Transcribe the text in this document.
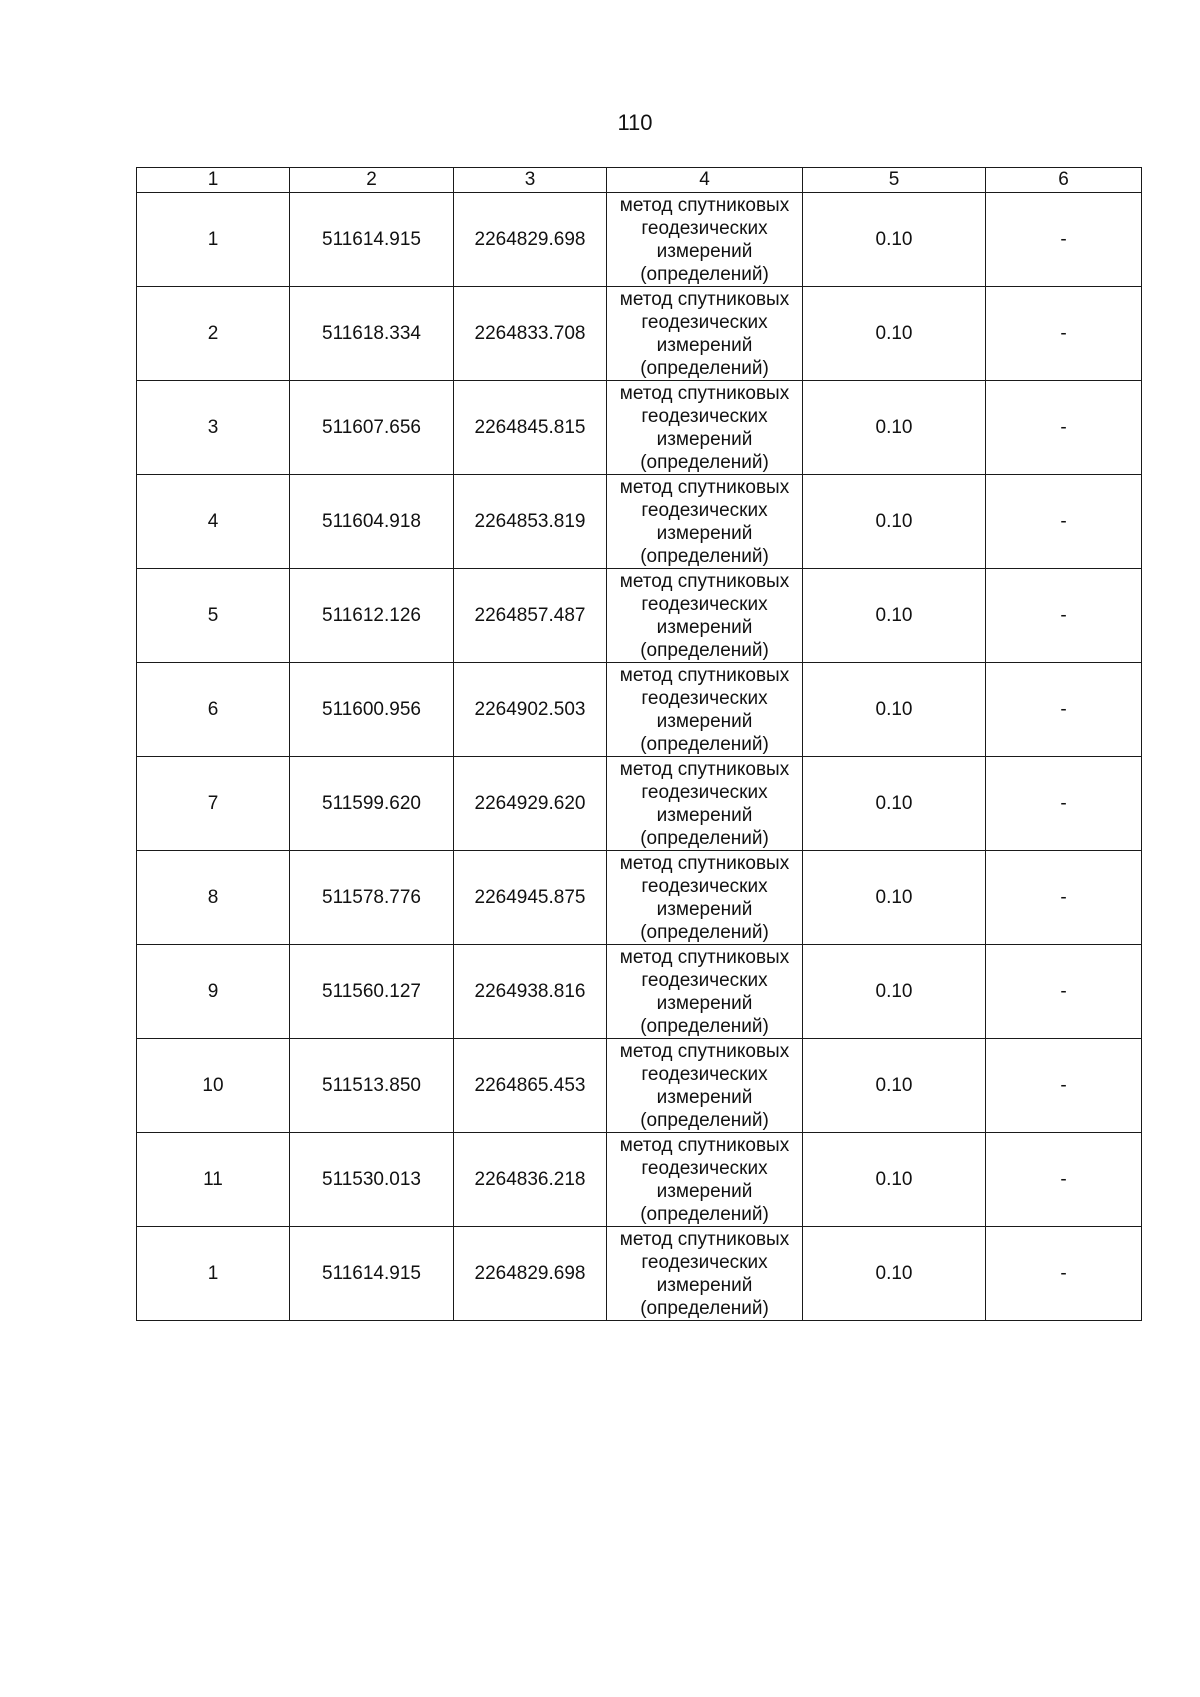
110
1	2	3	4	5	6
1	511614.915	2264829.698	метод спутниковых геодезических измерений (определений)	0.10	-
2	511618.334	2264833.708	метод спутниковых геодезических измерений (определений)	0.10	-
3	511607.656	2264845.815	метод спутниковых геодезических измерений (определений)	0.10	-
4	511604.918	2264853.819	метод спутниковых геодезических измерений (определений)	0.10	-
5	511612.126	2264857.487	метод спутниковых геодезических измерений (определений)	0.10	-
6	511600.956	2264902.503	метод спутниковых геодезических измерений (определений)	0.10	-
7	511599.620	2264929.620	метод спутниковых геодезических измерений (определений)	0.10	-
8	511578.776	2264945.875	метод спутниковых геодезических измерений (определений)	0.10	-
9	511560.127	2264938.816	метод спутниковых геодезических измерений (определений)	0.10	-
10	511513.850	2264865.453	метод спутниковых геодезических измерений (определений)	0.10	-
11	511530.013	2264836.218	метод спутниковых геодезических измерений (определений)	0.10	-
1	511614.915	2264829.698	метод спутниковых геодезических измерений (определений)	0.10	-
